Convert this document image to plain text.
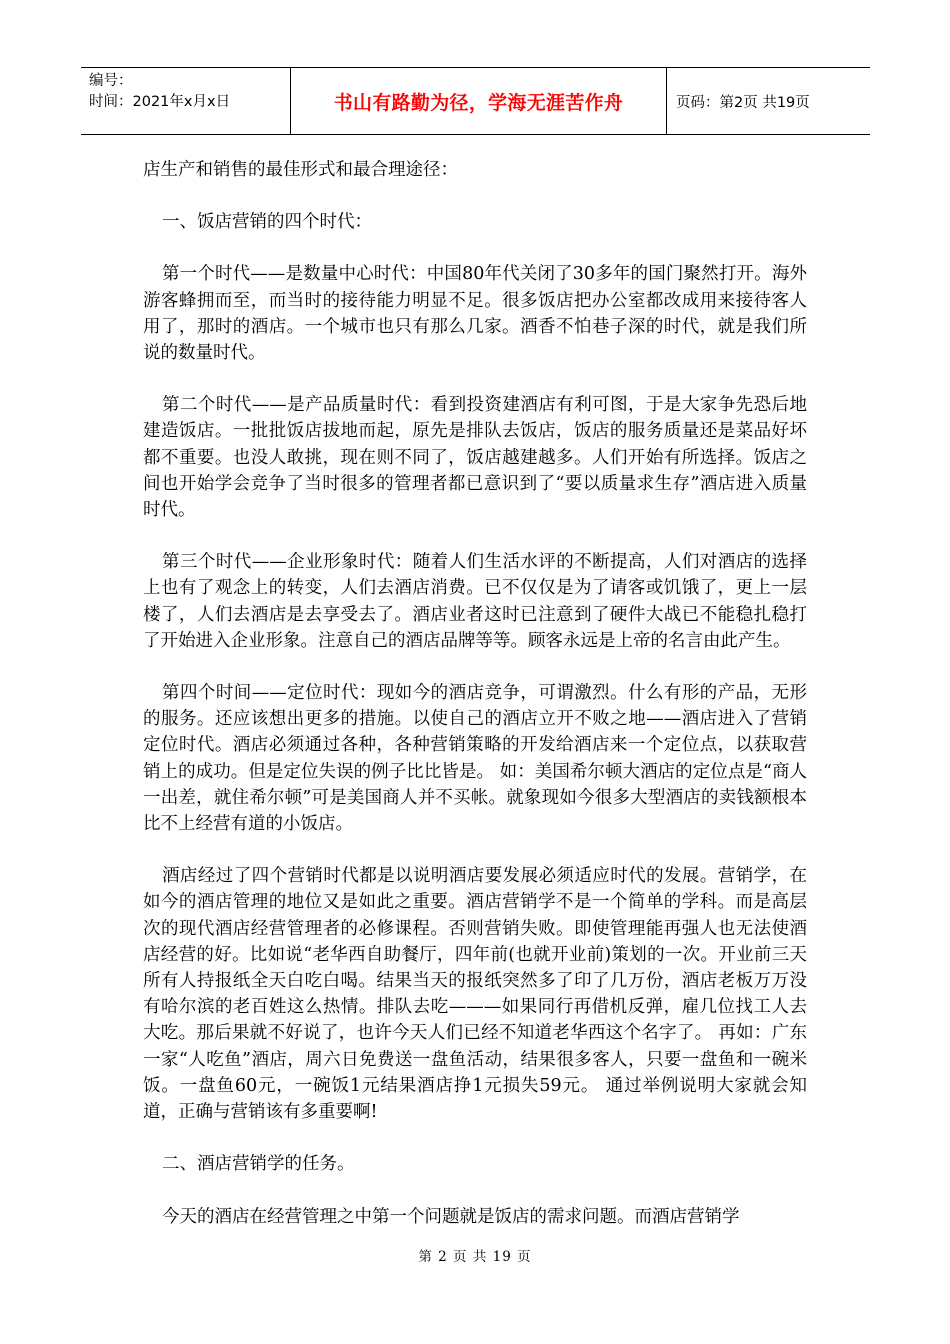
编号：
时间：2021年x月x日	书山有路勤为径，学海无涯苦作舟	页码：第2页 共19页

店生产和销售的最佳形式和最合理途径：

一、饭店营销的四个时代：

第一个时代——是数量中心时代：中国80年代关闭了30多年的国门聚然打开。海外游客蜂拥而至，而当时的接待能力明显不足。很多饭店把办公室都改成用来接待客人用了，那时的酒店。一个城市也只有那么几家。酒香不怕巷子深的时代，就是我们所说的数量时代。

第二个时代——是产品质量时代：看到投资建酒店有利可图，于是大家争先恐后地建造饭店。一批批饭店拔地而起，原先是排队去饭店，饭店的服务质量还是菜品好坏都不重要。也没人敢挑，现在则不同了，饭店越建越多。人们开始有所选择。饭店之间也开始学会竞争了当时很多的管理者都已意识到了“要以质量求生存”酒店进入质量时代。

第三个时代——企业形象时代：随着人们生活水评的不断提高，人们对酒店的选择上也有了观念上的转变，人们去酒店消费。已不仅仅是为了请客或饥饿了，更上一层楼了，人们去酒店是去享受去了。酒店业者这时已注意到了硬件大战已不能稳扎稳打了开始进入企业形象。注意自己的酒店品牌等等。顾客永远是上帝的名言由此产生。

第四个时间——定位时代：现如今的酒店竞争，可谓激烈。什么有形的产品，无形的服务。还应该想出更多的措施。以使自己的酒店立开不败之地——酒店进入了营销定位时代。酒店必须通过各种，各种营销策略的开发给酒店来一个定位点，以获取营销上的成功。但是定位失误的例子比比皆是。 如：美国希尔顿大酒店的定位点是“商人一出差，就住希尔顿”可是美国商人并不买帐。就象现如今很多大型酒店的卖钱额根本比不上经营有道的小饭店。

酒店经过了四个营销时代都是以说明酒店要发展必须适应时代的发展。营销学，在如今的酒店管理的地位又是如此之重要。酒店营销学不是一个简单的学科。而是高层次的现代酒店经营管理者的必修课程。否则营销失败。即使管理能再强人也无法使酒店经营的好。比如说“老华西自助餐厅，四年前(也就开业前)策划的一次。开业前三天所有人持报纸全天白吃白喝。结果当天的报纸突然多了印了几万份，酒店老板万万没有哈尔滨的老百姓这么热情。排队去吃———如果同行再借机反弹，雇几位找工人去大吃。那后果就不好说了，也许今天人们已经不知道老华西这个名字了。 再如：广东一家“人吃鱼”酒店，周六日免费送一盘鱼活动，结果很多客人，只要一盘鱼和一碗米饭。一盘鱼60元，一碗饭1元结果酒店挣1元损失59元。 通过举例说明大家就会知道，正确与营销该有多重要啊!

二、酒店营销学的任务。

今天的酒店在经营管理之中第一个问题就是饭店的需求问题。而酒店营销学

第 2 页 共 19 页
